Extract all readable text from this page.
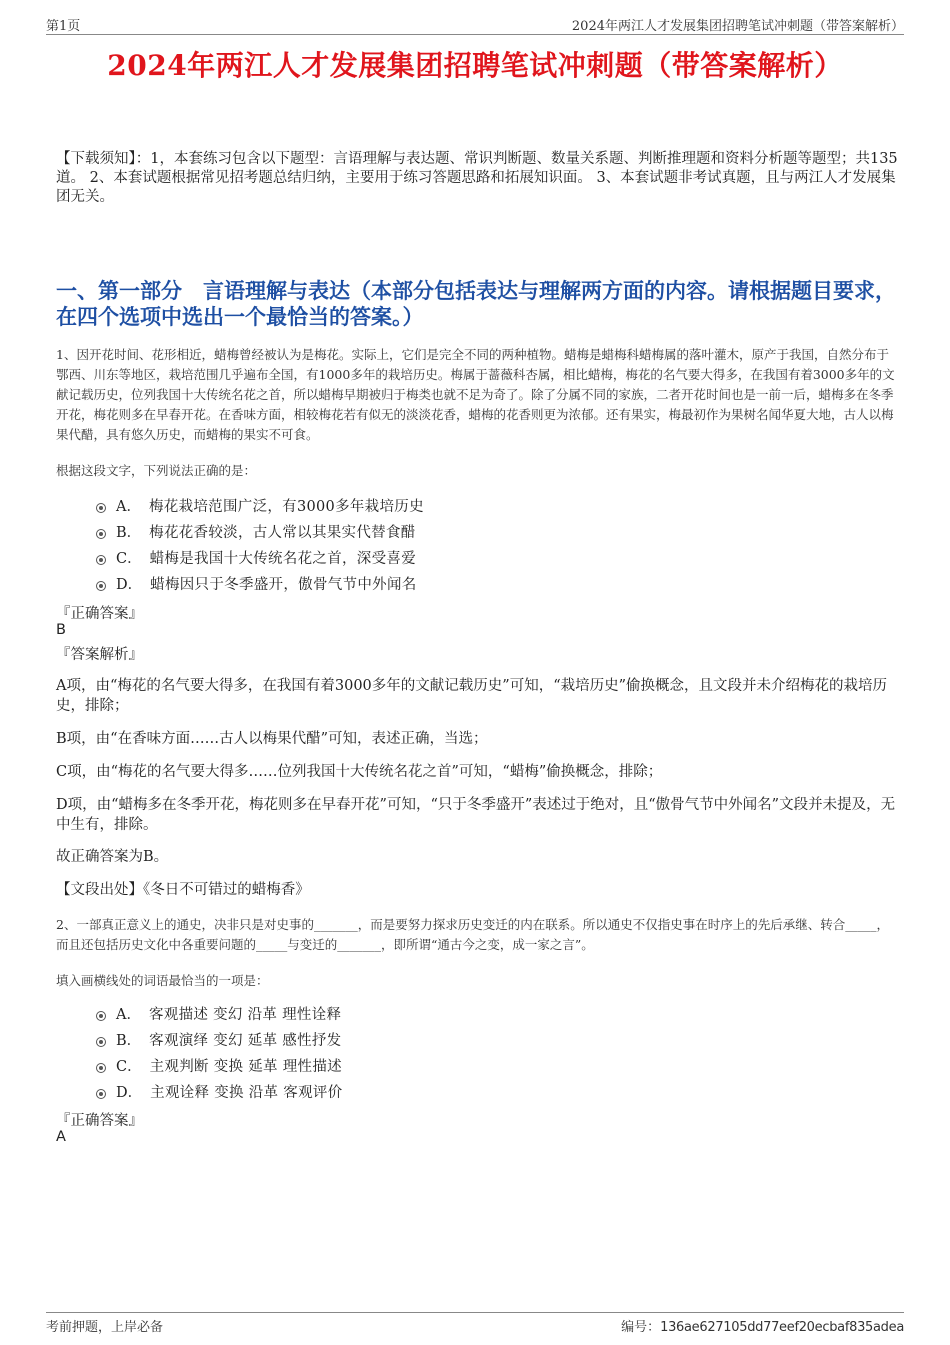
第1页	2024年两江人才发展集团招聘笔试冲刺题（带答案解析）
2024年两江人才发展集团招聘笔试冲刺题（带答案解析）
【下载须知】：1，本套练习包含以下题型：言语理解与表达题、常识判断题、数量关系题、判断推理题和资料分析题等题型；共135道。 2、本套试题根据常见招考题总结归纳，主要用于练习答题思路和拓展知识面。 3、本套试题非考试真题，且与两江人才发展集团无关。
一、第一部分　言语理解与表达（本部分包括表达与理解两方面的内容。请根据题目要求，在四个选项中选出一个最恰当的答案。）
1、因开花时间、花形相近，蜡梅曾经被认为是梅花。实际上，它们是完全不同的两种植物。蜡梅是蜡梅科蜡梅属的落叶灌木，原产于我国，自然分布于鄂西、川东等地区，栽培范围几乎遍布全国，有1000多年的栽培历史。梅属于蔷薇科杏属，相比蜡梅，梅花的名气要大得多，在我国有着3000多年的文献记载历史，位列我国十大传统名花之首，所以蜡梅早期被归于梅类也就不足为奇了。除了分属不同的家族，二者开花时间也是一前一后，蜡梅多在冬季开花，梅花则多在早春开花。在香味方面，相较梅花若有似无的淡淡花香，蜡梅的花香则更为浓郁。还有果实，梅最初作为果树名闻华夏大地，古人以梅果代醋，具有悠久历史，而蜡梅的果实不可食。
根据这段文字，下列说法正确的是：
A． 梅花栽培范围广泛，有3000多年栽培历史
B． 梅花花香较淡，古人常以其果实代替食醋
C． 蜡梅是我国十大传统名花之首，深受喜爱
D． 蜡梅因只于冬季盛开，傲骨气节中外闻名
『正确答案』
B
『答案解析』
A项，由“梅花的名气要大得多，在我国有着3000多年的文献记载历史”可知，“栽培历史”偷换概念，且文段并未介绍梅花的栽培历史，排除；
B项，由“在香味方面……古人以梅果代醋”可知，表述正确，当选；
C项，由“梅花的名气要大得多……位列我国十大传统名花之首”可知，“蜡梅”偷换概念，排除；
D项，由“蜡梅多在冬季开花，梅花则多在早春开花”可知，“只于冬季盛开”表述过于绝对，且“傲骨气节中外闻名”文段并未提及，无中生有，排除。
故正确答案为B。
【文段出处】《冬日不可错过的蜡梅香》
2、一部真正意义上的通史，决非只是对史事的_______，而是要努力探求历史变迁的内在联系。所以通史不仅指史事在时序上的先后承继、转合_____，而且还包括历史文化中各重要问题的_____与变迁的_______，即所谓“通古今之变，成一家之言”。
填入画横线处的词语最恰当的一项是：
A． 客观描述 变幻 沿革 理性诠释
B． 客观演绎 变幻 延革 感性抒发
C． 主观判断 变换 延革 理性描述
D． 主观诠释 变换 沿革 客观评价
『正确答案』
A
考前押题，上岸必备	编号：136ae627105dd77eef20ecbaf835adea
